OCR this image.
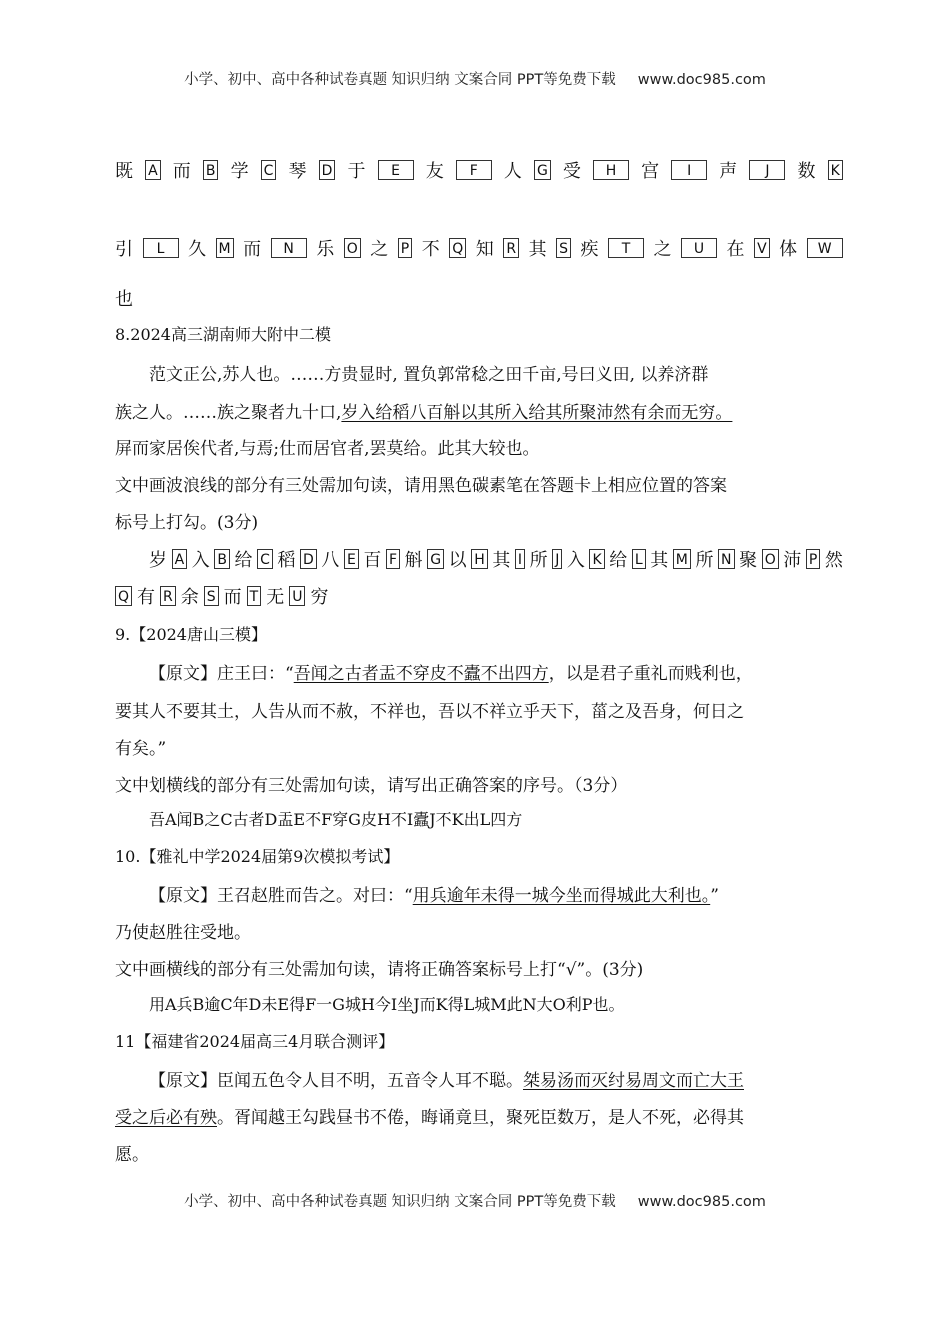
小学、初中、高中各种试卷真题 知识归纳 文案合同 PPT等免费下载 www.doc985.com
既 A 而 B 学 C 琴 D 于	E	友	F	人 G 受	H	宫	I	声	J	数 K
引	L	久 M 而	N	乐 O 之 P 不 Q 知 R 其 S 疾	T	之	U	在 V 体	W
也
8.2024高三湖南师大附中二模
范文正公,苏人也。……方贵显时, 置负郭常稔之田千亩,号曰义田, 以养济群
族之人。……族之聚者九十口,岁入给稻八百斛以其所入给其所聚沛然有余而无穷。
屏而家居俟代者,与焉;仕而居官者,罢莫给。此其大较也。
文中画波浪线的部分有三处需加句读，请用黑色碳素笔在答题卡上相应位置的答案
标号上打勾。(3分)
岁 A 入 B 给 C 稻 D 八 E 百 F 斛 G 以 H 其 I 所 J 入 K 给 L 其 M 所 N 聚 O 沛 P 然
Q 有 R 余 S 而 T 无 U 穷
9.【2024唐山三模】
【原文】庄王曰：“吾闻之古者盂不穿皮不蠹不出四方，以是君子重礼而贱利也，
要其人不要其土，人告从而不赦，不祥也，吾以不祥立乎天下，菑之及吾身，何日之
有矣。”
文中划横线的部分有三处需加句读，请写出正确答案的序号。（3分）
吾A闻B之C古者D盂E不F穿G皮H不I蠹J不K出L四方
10.【雅礼中学2024届第9次模拟考试】
【原文】王召赵胜而告之。对曰：“用兵逾年未得一城今坐而得城此大利也。”
乃使赵胜往受地。
文中画横线的部分有三处需加句读，请将正确答案标号上打“√”。(3分)
用A兵B逾C年D未E得F一G城H今I坐J而K得L城M此N大O利P也。
11【福建省2024届高三4月联合测评】
【原文】臣闻五色令人目不明，五音令人耳不聪。桀易汤而灭纣易周文而亡大王
受之后必有殃。胥闻越王勾践昼书不倦，晦诵竟旦，聚死臣数万，是人不死，必得其
愿。
小学、初中、高中各种试卷真题 知识归纳 文案合同 PPT等免费下载 www.doc985.com
